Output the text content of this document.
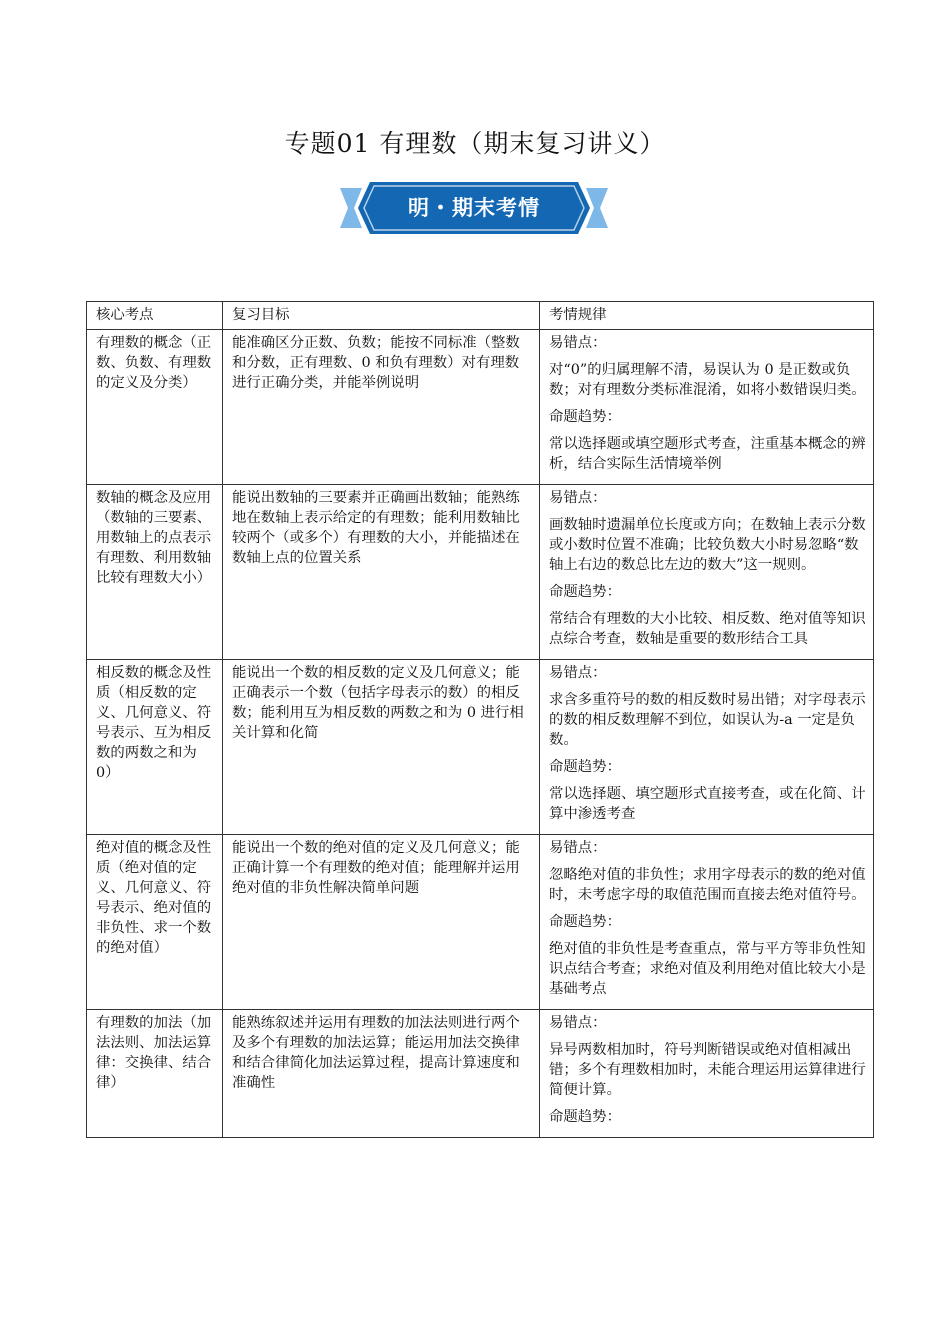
专题01 有理数（期末复习讲义）
明・期末考情
核心考点	复习目标	考情规律
有理数的概念（正数、负数、有理数的定义及分类）	能准确区分正数、负数；能按不同标准（整数和分数，正有理数、0 和负有理数）对有理数进行正确分类，并能举例说明	易错点：
对“0”的归属理解不清，易误认为 0 是正数或负数；对有理数分类标准混淆，如将小数错误归类。
命题趋势：
常以选择题或填空题形式考查，注重基本概念的辨析，结合实际生活情境举例

数轴的概念及应用（数轴的三要素、用数轴上的点表示有理数、利用数轴比较有理数大小）	能说出数轴的三要素并正确画出数轴；能熟练地在数轴上表示给定的有理数；能利用数轴比较两个（或多个）有理数的大小，并能描述在数轴上点的位置关系	易错点：
画数轴时遗漏单位长度或方向；在数轴上表示分数或小数时位置不准确；比较负数大小时易忽略“数轴上右边的数总比左边的数大”这一规则。
命题趋势：
常结合有理数的大小比较、相反数、绝对值等知识点综合考查，数轴是重要的数形结合工具

相反数的概念及性质（相反数的定义、几何意义、符号表示、互为相反数的两数之和为 0）	能说出一个数的相反数的定义及几何意义；能正确表示一个数（包括字母表示的数）的相反数；能利用互为相反数的两数之和为 0 进行相关计算和化简	易错点：
求含多重符号的数的相反数时易出错；对字母表示的数的相反数理解不到位，如误认为-a 一定是负数。
命题趋势：
常以选择题、填空题形式直接考查，或在化简、计算中渗透考查

绝对值的概念及性质（绝对值的定义、几何意义、符号表示、绝对值的非负性、求一个数的绝对值）	能说出一个数的绝对值的定义及几何意义；能正确计算一个有理数的绝对值；能理解并运用绝对值的非负性解决简单问题	易错点：
忽略绝对值的非负性；求用字母表示的数的绝对值时，未考虑字母的取值范围而直接去绝对值符号。
命题趋势：
绝对值的非负性是考查重点，常与平方等非负性知识点结合考查；求绝对值及利用绝对值比较大小是基础考点

有理数的加法（加法法则、加法运算律：交换律、结合律）	能熟练叙述并运用有理数的加法法则进行两个及多个有理数的加法运算；能运用加法交换律和结合律简化加法运算过程，提高计算速度和准确性	易错点：
异号两数相加时，符号判断错误或绝对值相减出错；多个有理数相加时，未能合理运用运算律进行简便计算。
命题趋势：
